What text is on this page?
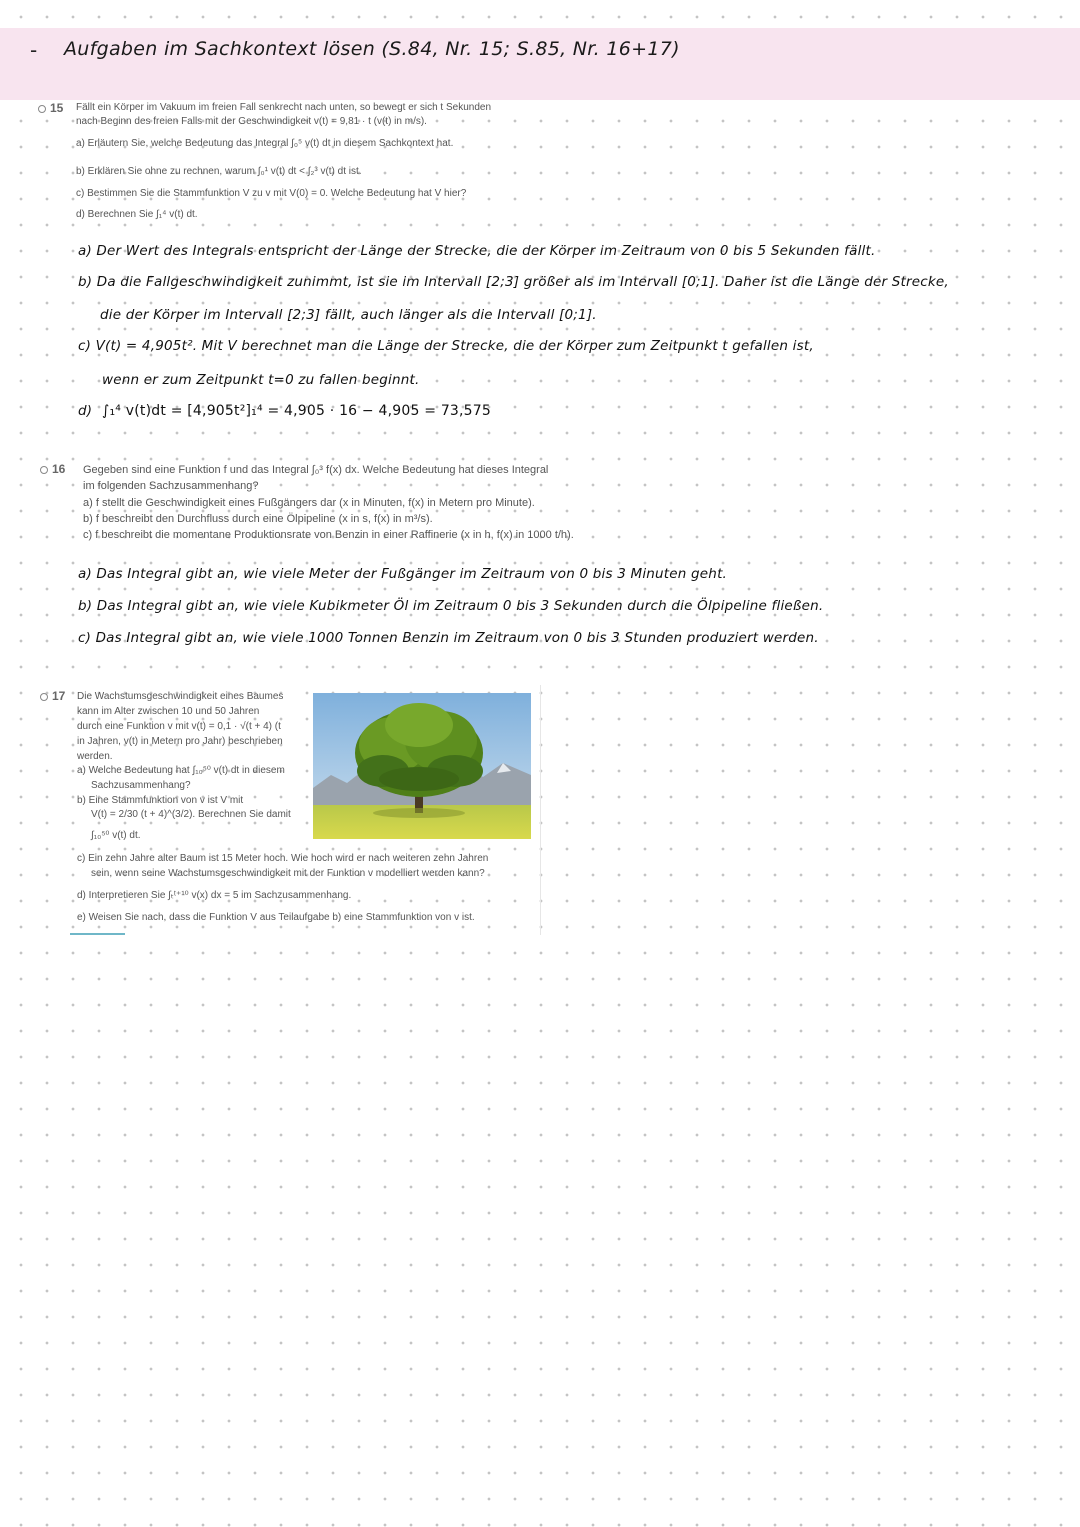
- Aufgaben im Sachkontext lösen (S.84, Nr. 15; S.85, Nr. 16+17)
15 Fällt ein Körper im Vakuum im freien Fall senkrecht nach unten, so bewegt er sich t Sekunden
nach Beginn des freien Falls mit der Geschwindigkeit v(t) = 9,81 · t (v(t) in m/s).
a) Erläutern Sie, welche Bedeutung das Integral ∫₀⁵ v(t) dt in diesem Sachkontext hat.
b) Erklären Sie ohne zu rechnen, warum ∫₀¹ v(t) dt < ∫₂³ v(t) dt ist.
c) Bestimmen Sie die Stammfunktion V zu v mit V(0) = 0. Welche Bedeutung hat V hier?
d) Berechnen Sie ∫₁⁴ v(t) dt.
a) Der Wert des Integrals entspricht der Länge der Strecke, die der Körper im Zeitraum von 0 bis 5 Sekunden fällt.
b) Da die Fallgeschwindigkeit zunimmt, ist sie im Intervall [2;3] größer als im Intervall [0;1]. Daher ist die Länge der Strecke,
die der Körper im Intervall [2;3] fällt, auch länger als die Intervall [0;1].
c) V(t) = 4,905t². Mit V berechnet man die Länge der Strecke, die der Körper zum Zeitpunkt t gefallen ist,
wenn er zum Zeitpunkt t=0 zu fallen beginnt.
d) ∫₁⁴ v(t)dt = [4,905t²]₁⁴ = 4,905 · 16 − 4,905 = 73,575
16 Gegeben sind eine Funktion f und das Integral ∫₀³ f(x) dx. Welche Bedeutung hat dieses Integral
im folgenden Sachzusammenhang?
a) f stellt die Geschwindigkeit eines Fußgängers dar (x in Minuten, f(x) in Metern pro Minute).
b) f beschreibt den Durchfluss durch eine Ölpipeline (x in s, f(x) in m³/s).
c) f beschreibt die momentane Produktionsrate von Benzin in einer Raffinerie (x in h, f(x) in 1000 t/h).
a) Das Integral gibt an, wie viele Meter der Fußgänger im Zeitraum von 0 bis 3 Minuten geht.
b) Das Integral gibt an, wie viele Kubikmeter Öl im Zeitraum 0 bis 3 Sekunden durch die Ölpipeline fließen.
c) Das Integral gibt an, wie viele 1000 Tonnen Benzin im Zeitraum von 0 bis 3 Stunden produziert werden.
17 Die Wachstumsgeschwindigkeit eines Baumes
kann im Alter zwischen 10 und 50 Jahren
durch eine Funktion v mit v(t) = 0,1 · √(t + 4) (t
in Jahren, v(t) in Metern pro Jahr) beschrieben
werden.
a) Welche Bedeutung hat ∫₁₀⁵⁰ v(t) dt in diesem
Sachzusammenhang?
b) Eine Stammfunktion von v ist V mit
V(t) = 2/30 (t + 4)^(3/2). Berechnen Sie damit
∫₁₀⁵⁰ v(t) dt.
c) Ein zehn Jahre alter Baum ist 15 Meter hoch. Wie hoch wird er nach weiteren zehn Jahren
sein, wenn seine Wachstumsgeschwindigkeit mit der Funktion v modelliert werden kann?
d) Interpretieren Sie ∫ₜᵗ⁺¹⁰ v(x) dx = 5 im Sachzusammenhang.
e) Weisen Sie nach, dass die Funktion V aus Teilaufgabe b) eine Stammfunktion von v ist.
